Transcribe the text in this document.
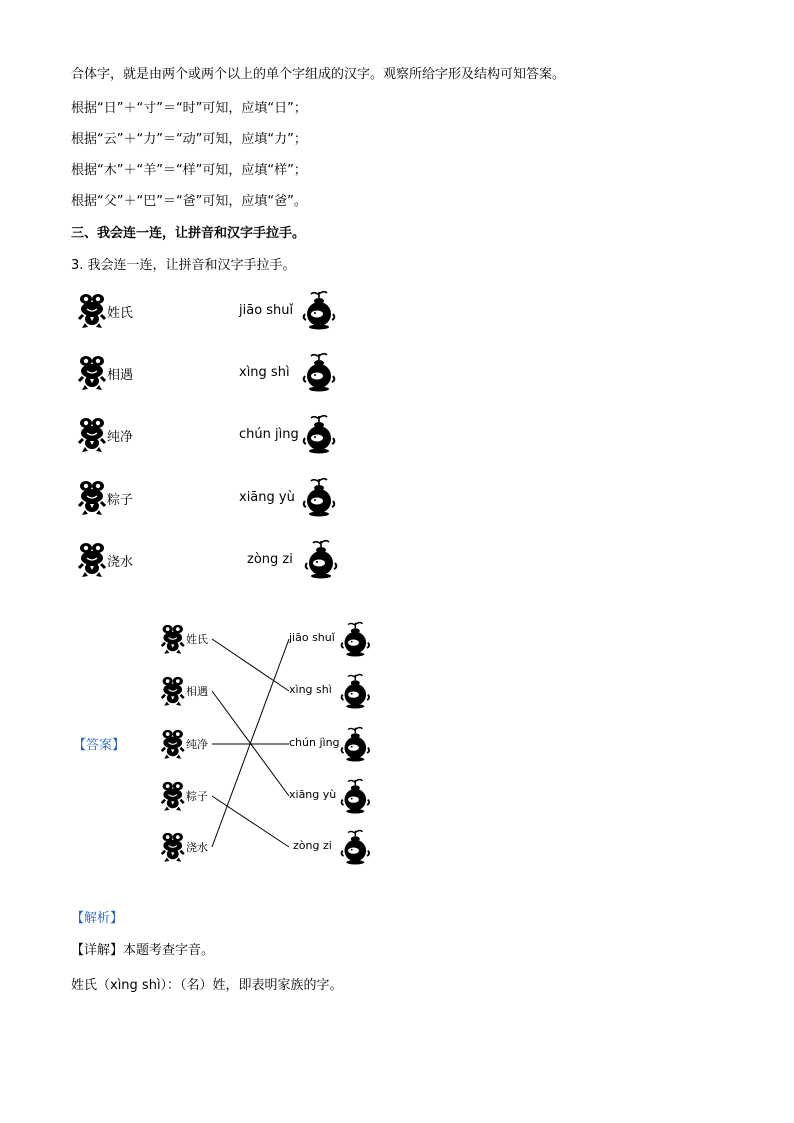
合体字，就是由两个或两个以上的单个字组成的汉字。观察所给字形及结构可知答案。
根据“日”＋“寸”＝“时”可知，应填“日”；
根据“云”＋“力”＝“动”可知，应填“力”；
根据“木”＋“羊”＝“样”可知，应填“样”；
根据“父”＋“巴”＝“爸”可知，应填“爸”。
三、我会连一连，让拼音和汉字手拉手。
3. 我会连一连，让拼音和汉字手拉手。
姓氏
相遇
纯净
粽子
浇水
jiāo shuǐ
xìng shì
chún jìng
xiāng yù
zòng zi
【答案】
姓氏
相遇
纯净
粽子
浇水
jiāo shuǐ
xìng shì
chún jìng
xiāng yù
zòng zi
【解析】
【详解】本题考查字音。
姓氏（xìng shì）：（名）姓，即表明家族的字。
